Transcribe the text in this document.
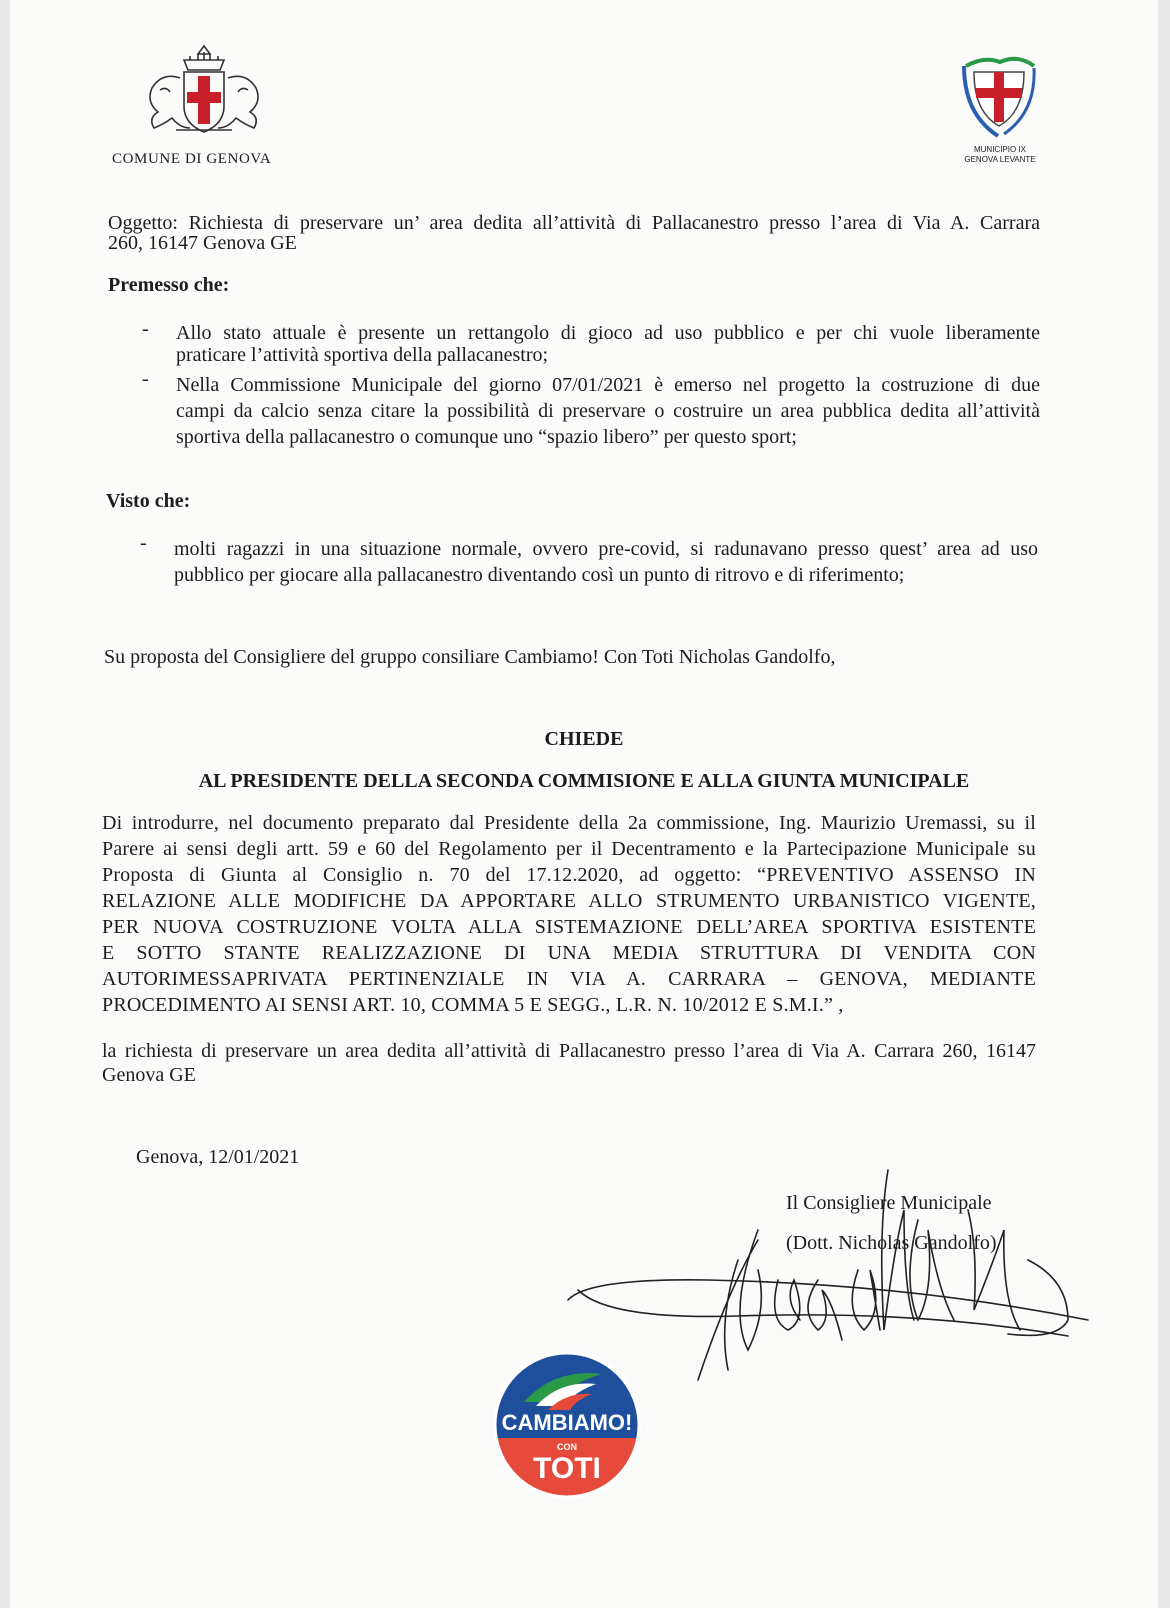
COMUNE DI GENOVA
MUNICIPIO IX
GENOVA LEVANTE
Oggetto: Richiesta di preservare un’ area dedita all’attività di Pallacanestro presso l’area di Via A. Carrara
260, 16147 Genova GE
Premesso che:
- Allo stato attuale è presente un rettangolo di gioco ad uso pubblico e per chi vuole liberamente
praticare l’attività sportiva della pallacanestro;
- Nella Commissione Municipale del giorno 07/01/2021 è emerso nel progetto la costruzione di due
campi da calcio senza citare la possibilità di preservare o costruire un area pubblica dedita all’attività
sportiva della pallacanestro o comunque uno “spazio libero” per questo sport;
Visto che:
- molti ragazzi in una situazione normale, ovvero pre-covid, si radunavano presso quest’ area ad uso
pubblico per giocare alla pallacanestro diventando così un punto di ritrovo e di riferimento;
Su proposta del Consigliere del gruppo consiliare Cambiamo! Con Toti Nicholas Gandolfo,
CHIEDE
AL PRESIDENTE DELLA SECONDA COMMISIONE E ALLA GIUNTA MUNICIPALE
Di introdurre, nel documento preparato dal Presidente della 2a commissione, Ing. Maurizio Uremassi, su il
Parere ai sensi degli artt. 59 e 60 del Regolamento per il Decentramento e la Partecipazione Municipale su
Proposta di Giunta al Consiglio n. 70 del 17.12.2020, ad oggetto: “PREVENTIVO ASSENSO IN
RELAZIONE ALLE MODIFICHE DA APPORTARE ALLO STRUMENTO URBANISTICO VIGENTE,
PER NUOVA COSTRUZIONE VOLTA ALLA SISTEMAZIONE DELL’AREA SPORTIVA ESISTENTE
E SOTTO STANTE REALIZZAZIONE DI UNA MEDIA STRUTTURA DI VENDITA CON
AUTORIMESSAPRIVATA PERTINENZIALE IN VIA A. CARRARA – GENOVA, MEDIANTE
PROCEDIMENTO AI SENSI ART. 10, COMMA 5 E SEGG., L.R. N. 10/2012 E S.M.I.” ,
la richiesta di preservare un area dedita all’attività di Pallacanestro presso l’area di Via A. Carrara 260, 16147
Genova GE
Genova, 12/01/2021
Il Consigliere Municipale
(Dott. Nicholas Gandolfo)
CAMBIAMO!
CON
TOTI
